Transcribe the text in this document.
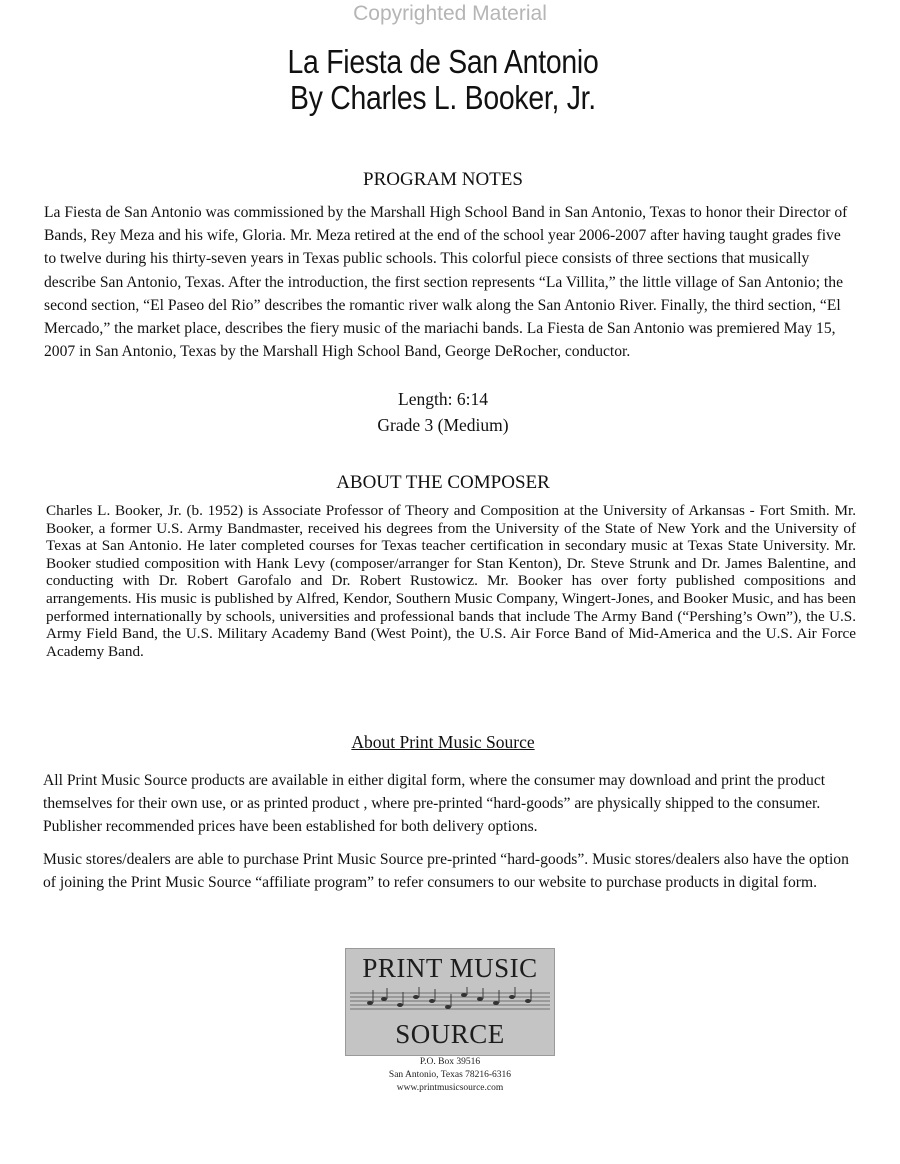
Copyrighted Material
La Fiesta de San Antonio
By Charles L. Booker, Jr.
PROGRAM NOTES

La Fiesta de San Antonio was commissioned by the Marshall High School Band in San Antonio, Texas to honor their Director of Bands, Rey Meza and his wife, Gloria. Mr. Meza retired at the end of the school year 2006-2007 after having taught grades five to twelve during his thirty-seven years in Texas public schools. This colorful piece consists of three sections that musically describe San Antonio, Texas. After the introduction, the first section represents “La Villita,” the little village of San Antonio; the second section, “El Paseo del Rio” describes the romantic river walk along the San Antonio River. Finally, the third section, “El Mercado,” the market place, describes the fiery music of the mariachi bands. La Fiesta de San Antonio was premiered May 15, 2007 in San Antonio, Texas by the Marshall High School Band, George DeRocher, conductor.

Length: 6:14
Grade 3 (Medium)
ABOUT THE COMPOSER

Charles L. Booker, Jr. (b. 1952) is Associate Professor of Theory and Composition at the University of Arkansas - Fort Smith. Mr. Booker, a former U.S. Army Bandmaster, received his degrees from the University of the State of New York and the University of Texas at San Antonio. He later completed courses for Texas teacher certification in secondary music at Texas State University. Mr. Booker studied composition with Hank Levy (composer/arranger for Stan Kenton), Dr. Steve Strunk and Dr. James Balentine, and conducting with Dr. Robert Garofalo and Dr. Robert Rustowicz. Mr. Booker has over forty published compositions and arrangements. His music is published by Alfred, Kendor, Southern Music Company, Wingert-Jones, and Booker Music, and has been performed internationally by schools, universities and professional bands that include The Army Band (“Pershing’s Own”), the U.S. Army Field Band, the U.S. Military Academy Band (West Point), the U.S. Air Force Band of Mid-America and the U.S. Air Force Academy Band.

About Print Music Source

All Print Music Source products are available in either digital form, where the consumer may download and print the product themselves for their own use, or as printed product , where pre-printed “hard-goods” are physically shipped to the consumer. Publisher recommended prices have been established for both delivery options.

Music stores/dealers are able to purchase Print Music Source pre-printed “hard-goods”. Music stores/dealers also have the option of joining the Print Music Source “affiliate program” to refer consumers to our website to purchase products in digital form.

PRINT MUSIC
SOURCE
P.O. Box 39516
San Antonio, Texas 78216-6316
www.printmusicsource.com
